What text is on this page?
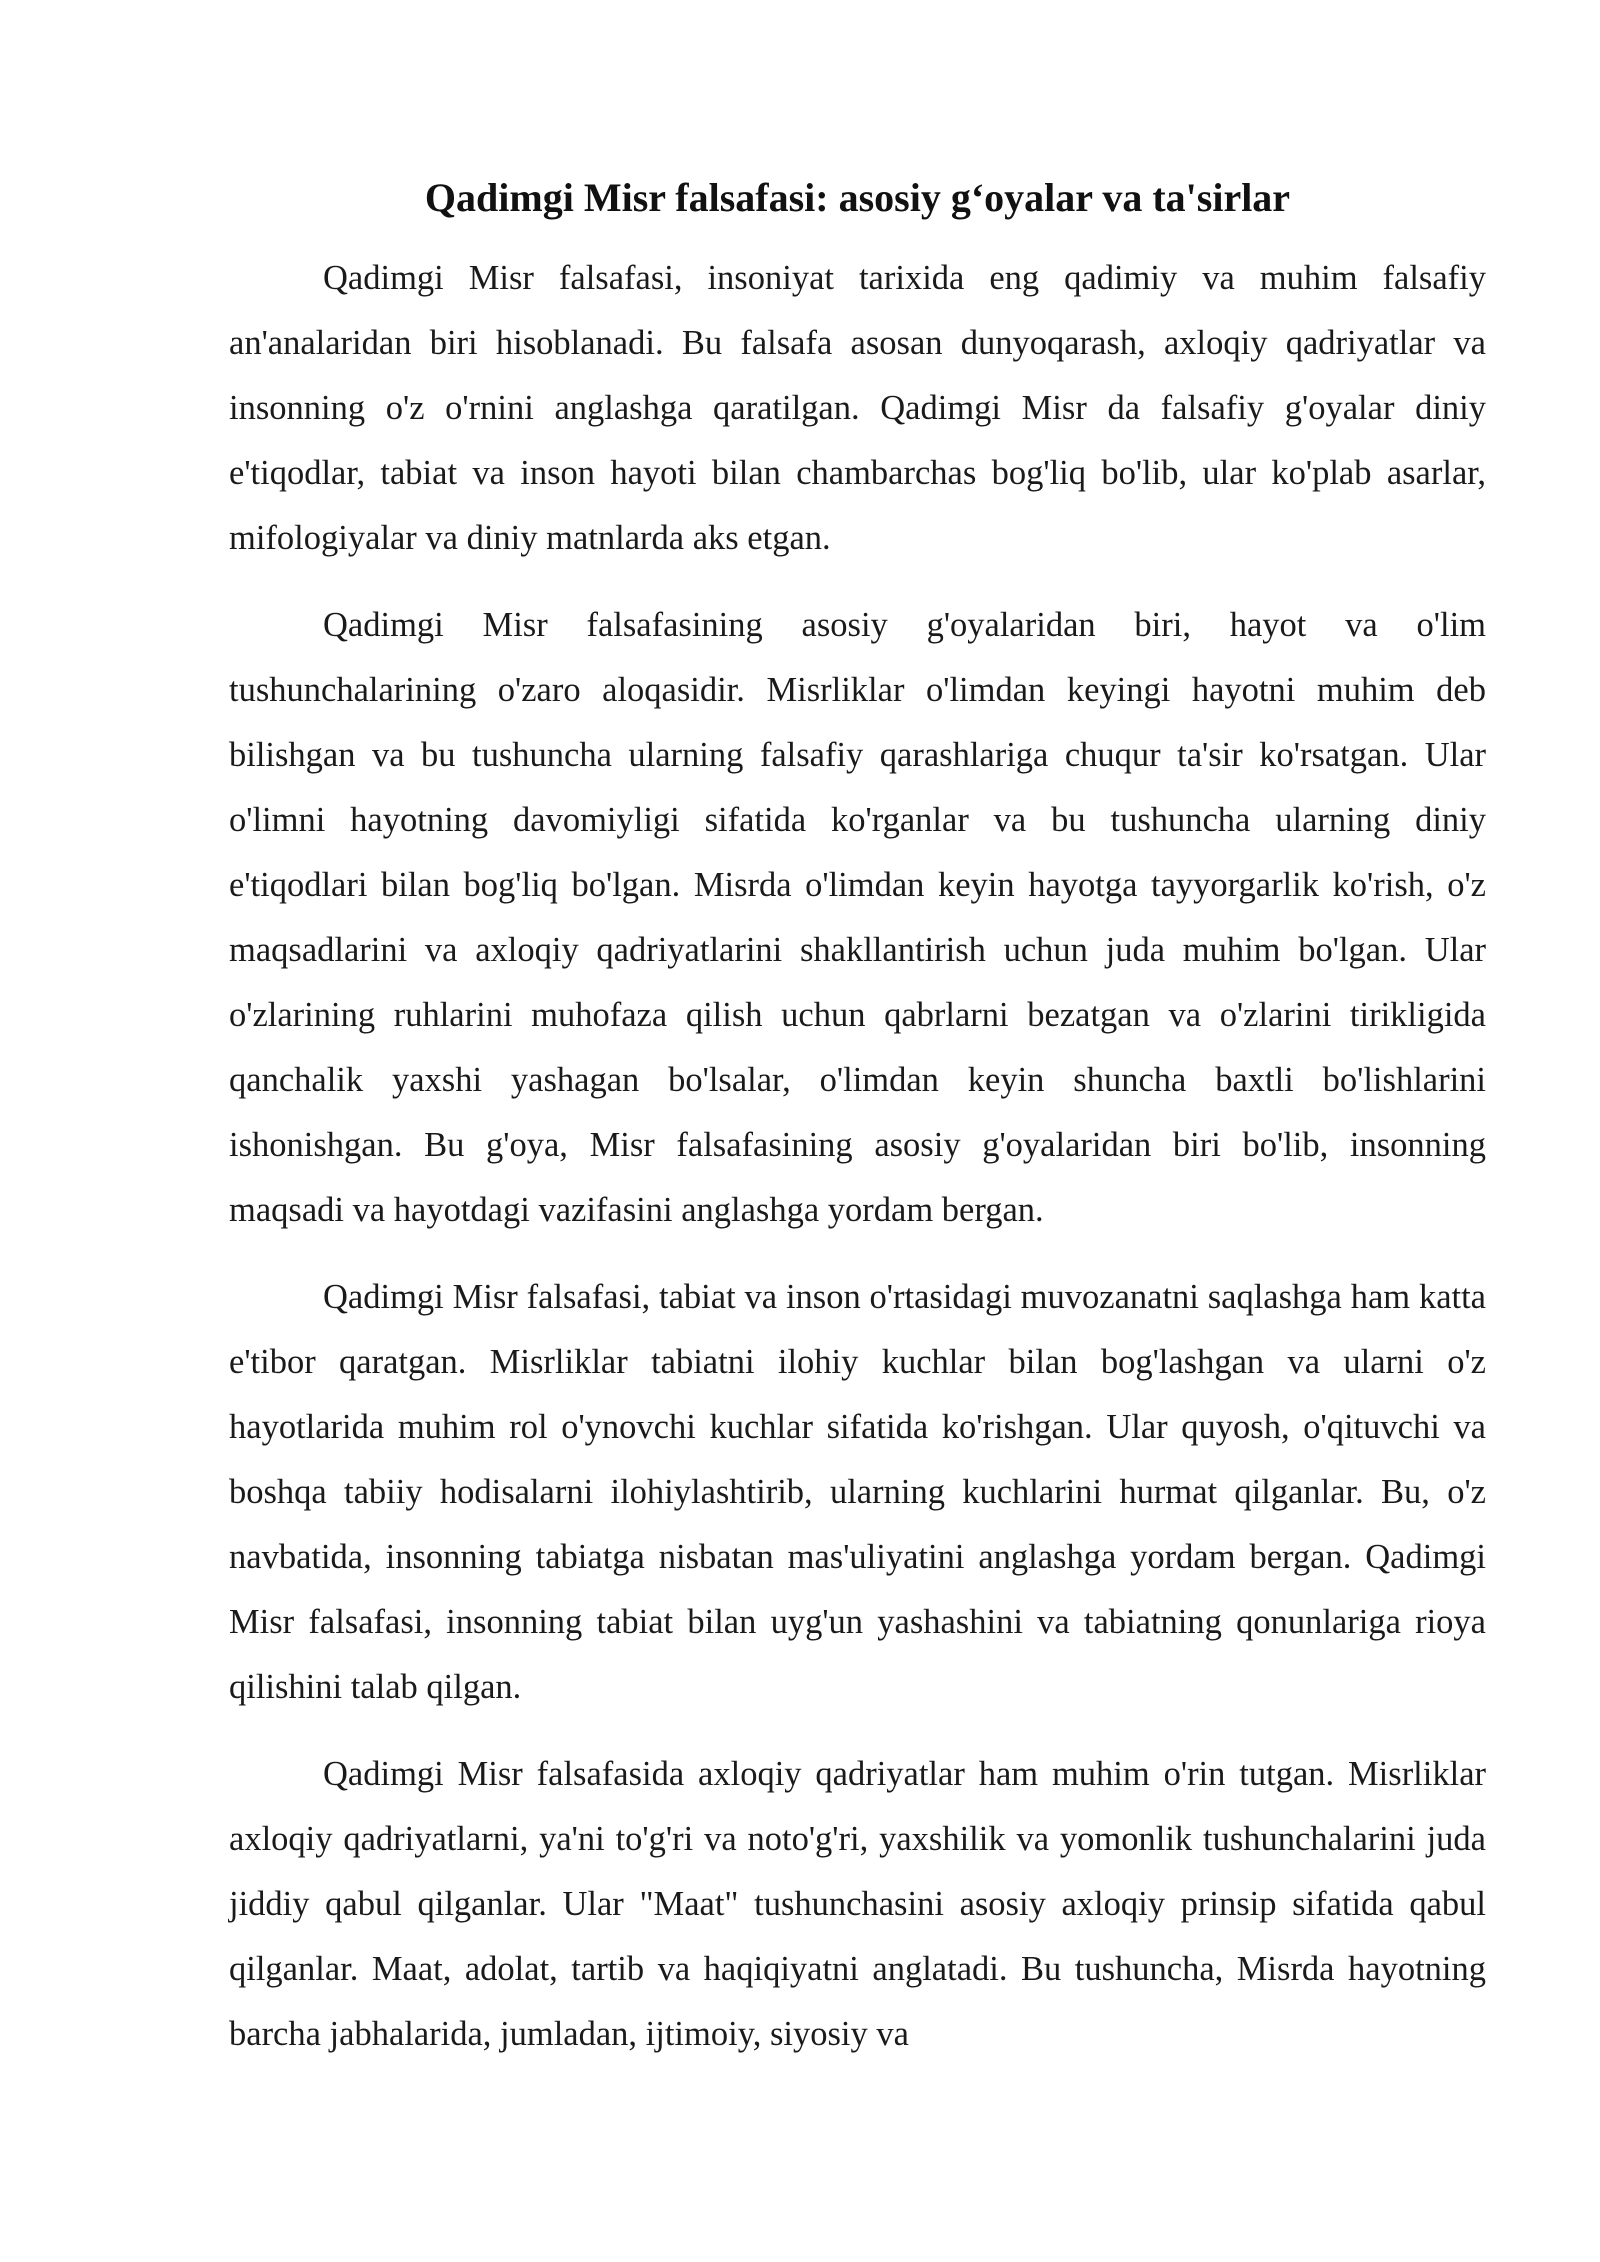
Qadimgi Misr falsafasi: asosiy g‘oyalar va ta'sirlar

Qadimgi Misr falsafasi, insoniyat tarixida eng qadimiy va muhim falsafiy an'analaridan biri hisoblanadi. Bu falsafa asosan dunyoqarash, axloqiy qadriyatlar va insonning o'z o'rnini anglashga qaratilgan. Qadimgi Misr da falsafiy g'oyalar diniy e'tiqodlar, tabiat va inson hayoti bilan chambarchas bog'liq bo'lib, ular ko'plab asarlar, mifologiyalar va diniy matnlarda aks etgan.

Qadimgi Misr falsafasining asosiy g'oyalaridan biri, hayot va o'lim tushunchalarining o'zaro aloqasidir. Misrliklar o'limdan keyingi hayotni muhim deb bilishgan va bu tushuncha ularning falsafiy qarashlariga chuqur ta'sir ko'rsatgan. Ular o'limni hayotning davomiyligi sifatida ko'rganlar va bu tushuncha ularning diniy e'tiqodlari bilan bog'liq bo'lgan. Misrda o'limdan keyin hayotga tayyorgarlik ko'rish, o'z maqsadlarini va axloqiy qadriyatlarini shakllantirish uchun juda muhim bo'lgan. Ular o'zlarining ruhlarini muhofaza qilish uchun qabrlarni bezatgan va o'zlarini tirikligida qanchalik yaxshi yashagan bo'lsalar, o'limdan keyin shuncha baxtli bo'lishlarini ishonishgan. Bu g'oya, Misr falsafasining asosiy g'oyalaridan biri bo'lib, insonning maqsadi va hayotdagi vazifasini anglashga yordam bergan.

Qadimgi Misr falsafasi, tabiat va inson o'rtasidagi muvozanatni saqlashga ham katta e'tibor qaratgan. Misrliklar tabiatni ilohiy kuchlar bilan bog'lashgan va ularni o'z hayotlarida muhim rol o'ynovchi kuchlar sifatida ko'rishgan. Ular quyosh, o'qituvchi va boshqa tabiiy hodisalarni ilohiylashtirib, ularning kuchlarini hurmat qilganlar. Bu, o'z navbatida, insonning tabiatga nisbatan mas'uliyatini anglashga yordam bergan. Qadimgi Misr falsafasi, insonning tabiat bilan uyg'un yashashini va tabiatning qonunlariga rioya qilishini talab qilgan.

Qadimgi Misr falsafasida axloqiy qadriyatlar ham muhim o'rin tutgan. Misrliklar axloqiy qadriyatlarni, ya'ni to'g'ri va noto'g'ri, yaxshilik va yomonlik tushunchalarini juda jiddiy qabul qilganlar. Ular "Maat" tushunchasini asosiy axloqiy prinsip sifatida qabul qilganlar. Maat, adolat, tartib va haqiqiyatni anglatadi. Bu tushuncha, Misrda hayotning barcha jabhalarida, jumladan, ijtimoiy, siyosiy va
